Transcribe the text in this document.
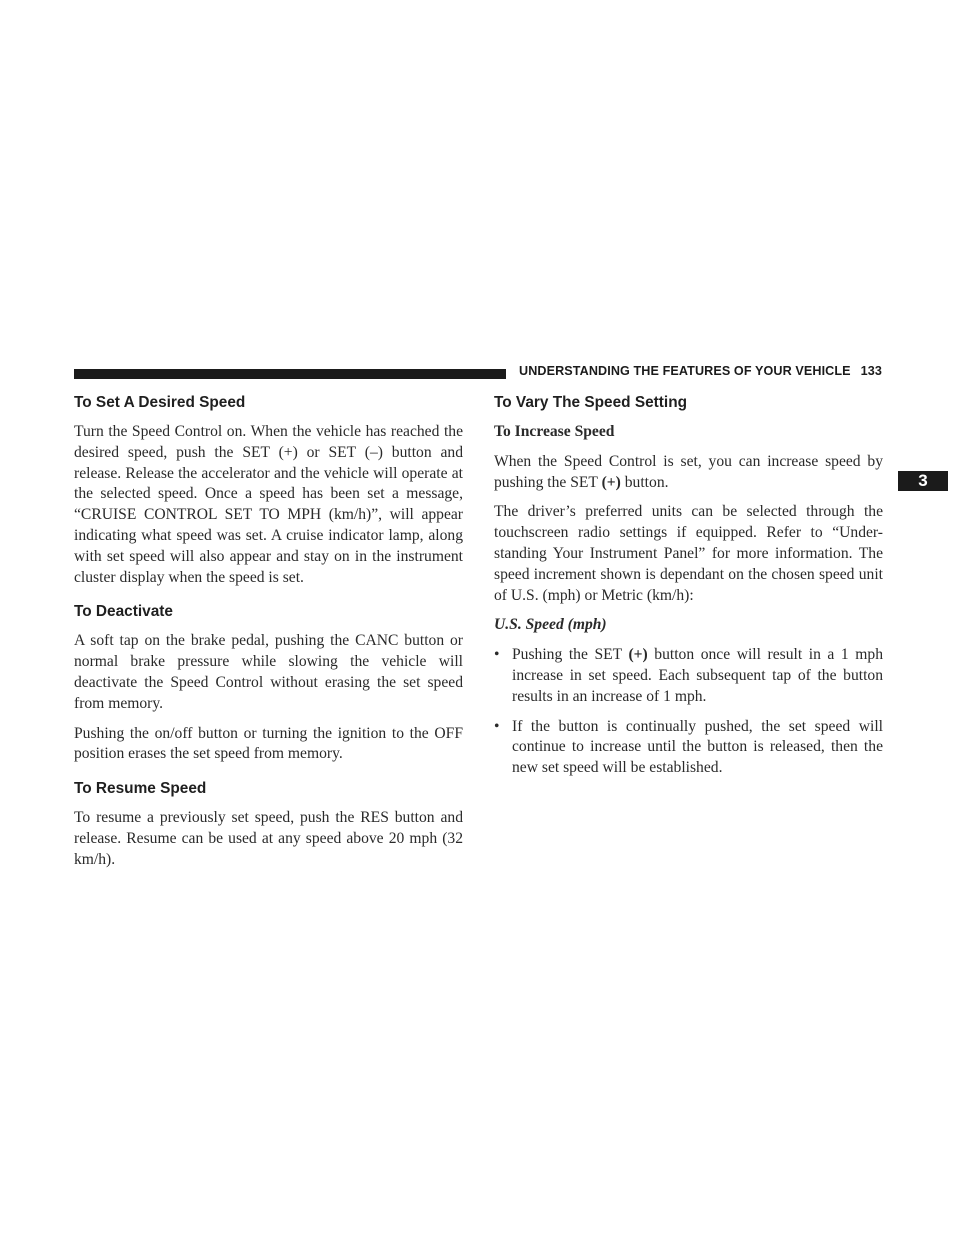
UNDERSTANDING THE FEATURES OF YOUR VEHICLE 133
3
To Set A Desired Speed

Turn the Speed Control on. When the vehicle has reached the desired speed, push the SET (+) or SET (–) button and release. Release the accelerator and the vehicle will operate at the selected speed. Once a speed has been set a message, “CRUISE CONTROL SET TO MPH (km/h)”, will appear indicating what speed was set. A cruise indicator lamp, along with set speed will also appear and stay on in the instrument cluster display when the speed is set.

To Deactivate

A soft tap on the brake pedal, pushing the CANC button or normal brake pressure while slowing the vehicle will deactivate the Speed Control without erasing the set speed from memory.

Pushing the on/off button or turning the ignition to the OFF position erases the set speed from memory.

To Resume Speed

To resume a previously set speed, push the RES button and release. Resume can be used at any speed above 20 mph (32 km/h).

To Vary The Speed Setting

To Increase Speed

When the Speed Control is set, you can increase speed by pushing the SET (+) button.

The driver’s preferred units can be selected through the touchscreen radio settings if equipped. Refer to “Under-standing Your Instrument Panel” for more information. The speed increment shown is dependant on the chosen speed unit of U.S. (mph) or Metric (km/h):

U.S. Speed (mph)

• Pushing the SET (+) button once will result in a 1 mph increase in set speed. Each subsequent tap of the button results in an increase of 1 mph.
• If the button is continually pushed, the set speed will continue to increase until the button is released, then the new set speed will be established.
